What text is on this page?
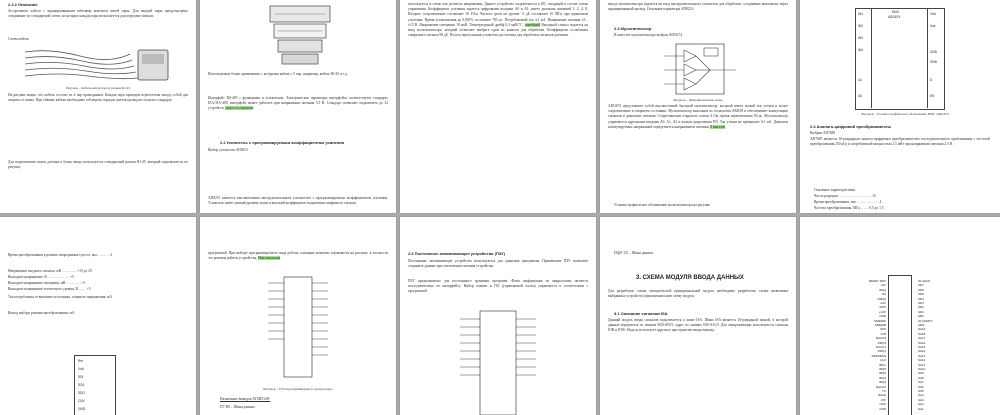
2.3.2 Описание
Ассортимент кабеля с экранированными кабелями контакты витой пары. Для каждой пары предусмотрено соединение по стандартной схеме, из которых каждая пара используется для передачи сигнала.
Схема кабеля
Рисунок – Кабель витая пара и разъем RJ-45
На рисунке видно, что кабель состоит из 4 пар проводников. Каждая пара проводов переплетена между собой для защиты от помех. При обжиме кабеля необходимо соблюдать порядок цветов проводов согласно стандарту.
Для подключения платы датчика к блоку ввода используется стандартный разъем RJ-45, который подключается по рисунку.
Используемые блоки применения, с которыми кабель с 5 пар, например, кабель RJ-45 и т.д.
Интерфейс RS-485 с функциями и усилителем. Электрические параметры интерфейса соответствуют стандарту EIA/TIA-485, интерфейс может работать при напряжении питания 3.5 В. Стандарт позволяет подключать до 32 устройств. скорость передачи
2.2 Усилитель с программируемым коэффициентом усиления
Выбор усилителя AD8251
AD8251 является высокоточным инструментальным усилителем с программируемым коэффициентом усиления. Усилитель имеет низкий уровень шума и высокий коэффициент подавления синфазного сигнала.
используется в схеме как делитель напряжения. Данное устройство подключается к ИС, входящей в состав схемы управления. Коэффициент усиления задается цифровыми входами A0 и A1, имеет диапазон значений 1, 2, 4, 8. Входное сопротивление составляет 10 ГОм. Частота среза на уровне -3 дБ составляет 10 МГц при единичном усилении. Время установления до 0,001% составляет 785 нс. Потребляемый ток 4,1 мА. Напряжение питания ±5...±15 В. Напряжение смещения 18 мкВ. Температурный дрейф 0,3 мкВ/°C. линейный Выходной сигнал подается на вход мультиплексора, который позволяет выбрать один из каналов для обработки. Коэффициент ослабления синфазного сигнала 98 дБ. Полоса пропускания усилителя достаточна для обработки сигналов датчиков.
выход мультиплексора подается на вход инструментального усилителя для обработки, соединение выполнено через экранированный провод. Основные параметры AD8251:
2.3 Мультиплексор
В качестве мультиплексора выбран ADG674
Рисунок – Функциональная схема
ADG674 представляет собой высокоточный быстрый мультиплексор, который имеет малый ток утечки и малое сопротивление в открытом состоянии. Мультиплексор выполнен по технологии КМОП и обеспечивает коммутацию сигналов в диапазоне питания. Сопротивление открытого ключа 4 Ом, время переключения 50 нс. Мультиплексор управляется адресными входами A0, A1, A2 и входом разрешения EN. Ток утечки не превышает 0,1 нА. Диапазон коммутируемых напряжений определяется напряжением питания. 8 каналов
Условно-графическое обозначение мультиплексора на рисунке.
MUX
ADG674
IN1
IN2
IN3
IN4
A1
A0
Vdd
Vss
GND
GND
D
EN
Рисунок – Условно-графическое обозначение ИМС ADG674
2.4 Аналого-цифровой преобразователь
Выбран AD7685
AD7685 является 16-разрядным аналого-цифровым преобразователем последовательного приближения с частотой преобразования 250 кГц и потребляемой мощностью 2.5 мВт при напряжении питания 2.5 В.
Основные характеристики:
Число разрядов ……………………… 16
Время преобразования, мкс ……………… 4
Частота преобразования, МГц …… 0,5 до 1.5
Время преобразования в режиме непрерывного роста, мкс ……… 4
Напряжение входного сигнала, мВ ………… +10 до 20
Выходное напряжение, В ……………… +5
Выходное напряжение смещения, мВ ………… +5
Выходное напряжение логического уровня, В …… +5
Ток потребления от внешнего источника, опорного напряжения, мА
Выход выбора режима преобразования, мА
Ref
Vdd
SDI
SCK
SDO
CNV
GND
программой. При выборе программируемого вида работы основные моменты отражаются на рисунке, в частности это режимы работы устройства. Максимальная
Рисунок – УГО программируемого контроллера
Назначение выводов ATMEGA8:
D7-D0 – Шина данных
2.6 Постоянное запоминающее устройство (ПЗУ)
Постоянные запоминающие устройства используются для хранения программы. Применение ПЗУ позволяет сохранить данные при отключении питания устройства.
ПЗУ предназначено для постоянного хранения программ. Флеш информация из микросхемы читается последовательно по интерфейсу. Выбор памяти и ПО (управляемой платы) управляется в соответствии с программой.
DQ(0-15) – Шина данных
3. СХЕМА МОДУЛЯ ВВОДА ДАННЫХ
Для разработки схемы электрической принципиальной модуля необходимо разработать схемы включения выбранных устройств и функциональную схему модуля.
3.1 Описание сигналов ISA
Данный модуль ввода сигналов подключается к шине ISA. Шина ISA является 16-разрядной шиной, в которой данные передаются по линиям SD0-SD15, адрес по линиям SA0-SA19. Для синхронизации используются сигналы IOR и IOW. Модуль использует адресное пространство ввода-вывода.
RESET DRV
+5V
IRQ2
-5V
DRQ2
-12V
0WS
+12V
GND
SMEMW
SMEMR
IOW
IOR
DACK3
DRQ3
DACK1
DRQ1
REFRESH
CLK
IRQ7
IRQ6
IRQ5
IRQ4
IRQ3
DACK2
TC
BALE
+5V
OSC
GND
IO CHCK
SD7
SD6
SD5
SD4
SD3
SD2
SD1
SD0
IO CHRDY
AEN
SA19
SA18
SA17
SA16
SA15
SA14
SA13
SA12
SA11
SA10
SA9
SA8
SA7
SA6
SA5
SA4
SA3
SA2
SA1
